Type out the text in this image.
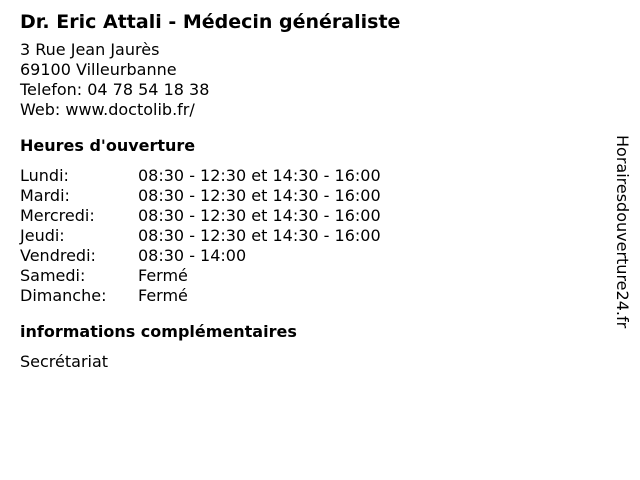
Dr. Eric Attali - Médecin généraliste
3 Rue Jean Jaurès
69100 Villeurbanne
Telefon: 04 78 54 18 38
Web: www.doctolib.fr/
Heures d'ouverture
Lundi:	08:30 - 12:30 et 14:30 - 16:00
Mardi:	08:30 - 12:30 et 14:30 - 16:00
Mercredi:	08:30 - 12:30 et 14:30 - 16:00
Jeudi:	08:30 - 12:30 et 14:30 - 16:00
Vendredi:	08:30 - 14:00
Samedi:	Fermé
Dimanche:	Fermé
informations complémentaires
Secrétariat
Horairesdouverture24.fr
